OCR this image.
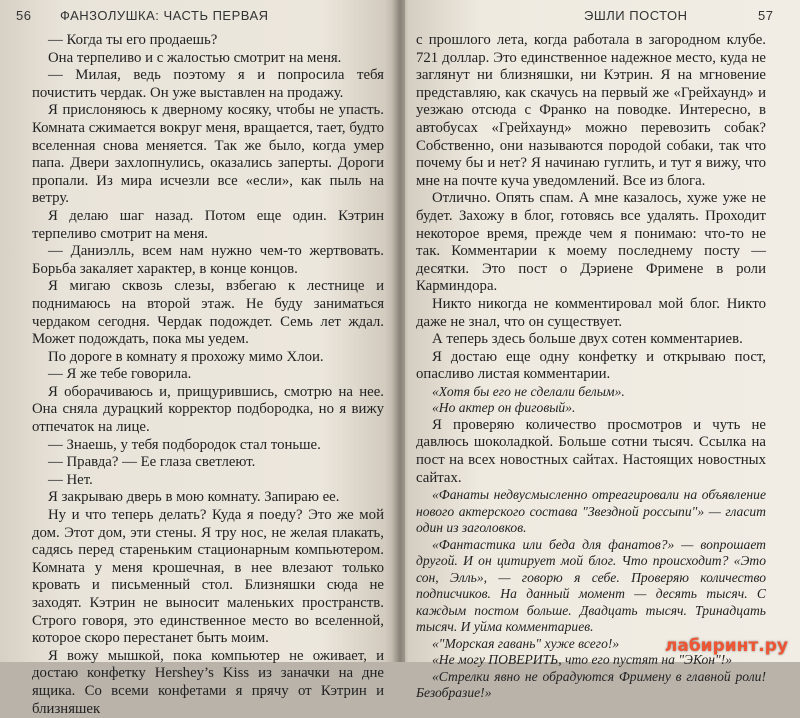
56 ФАНЗОЛУШКА: ЧАСТЬ ПЕРВАЯ

— Когда ты его продаешь?

Она терпеливо и с жалостью смотрит на меня.

— Милая, ведь поэтому я и попросила тебя почистить чердак. Он уже выставлен на продажу.

Я прислоняюсь к дверному косяку, чтобы не упасть. Комната сжимается вокруг меня, вращается, тает, будто вселенная снова меняется. Так же было, когда умер папа. Двери захлопнулись, оказались заперты. Дороги пропали. Из мира исчезли все «если», как пыль на ветру.

Я делаю шаг назад. Потом еще один. Кэтрин терпеливо смотрит на меня.

— Даниэлль, всем нам нужно чем-то жертвовать. Борьба закаляет характер, в конце концов.

Я мигаю сквозь слезы, взбегаю к лестнице и поднимаюсь на второй этаж. Не буду заниматься чердаком сегодня. Чердак подождет. Семь лет ждал. Может подождать, пока мы уедем.

По дороге в комнату я прохожу мимо Хлои.

— Я же тебе говорила.

Я оборачиваюсь и, прищурившись, смотрю на нее. Она сняла дурацкий корректор подбородка, но я вижу отпечаток на лице.

— Знаешь, у тебя подбородок стал тоньше.

— Правда? — Ее глаза светлеют.

— Нет.

Я закрываю дверь в мою комнату. Запираю ее.

Ну и что теперь делать? Куда я поеду? Это же мой дом. Этот дом, эти стены. Я тру нос, не желая плакать, садясь перед стареньким стационарным компьютером. Комната у меня крошечная, в нее влезают только кровать и письменный стол. Близняшки сюда не заходят. Кэтрин не выносит маленьких пространств. Строго говоря, это единственное место во вселенной, которое скоро перестанет быть моим.

Я вожу мышкой, пока компьютер не оживает, и достаю конфетку Hershey’s Kiss из заначки на дне ящика. Со всеми конфетами я прячу от Кэтрин и близняшек

ЭШЛИ ПОСТОН	57

с прошлого лета, когда работала в загородном клубе. 721 доллар. Это единственное надежное место, куда не заглянут ни близняшки, ни Кэтрин. Я на мгновение представляю, как скачусь на первый же «Грейхаунд» и уезжаю отсюда с Франко на поводке. Интересно, в автобусах «Грейхаунд» можно перевозить собак? Собственно, они называются породой собаки, так что почему бы и нет? Я начинаю гуглить, и тут я вижу, что мне на почте куча уведомлений. Все из блога.

Отлично. Опять спам. А мне казалось, хуже уже не будет. Захожу в блог, готовясь все удалять. Проходит некоторое время, прежде чем я понимаю: что-то не так. Комментарии к моему последнему посту — десятки. Это пост о Дэриене Фримене в роли Карминдора.

Никто никогда не комментировал мой блог. Никто даже не знал, что он существует.

А теперь здесь больше двух сотен комментариев.

Я достаю еще одну конфетку и открываю пост, опасливо листая комментарии.

«Хотя бы его не сделали белым».

«Но актер он фиговый».

Я проверяю количество просмотров и чуть не давлюсь шоколадкой. Больше сотни тысяч. Ссылка на пост на всех новостных сайтах. Настоящих новостных сайтах.

«Фанаты недвусмысленно отреагировали на объявление нового актерского состава "Звездной россыпи"» — гласит один из заголовков.

«Фантастика или беда для фанатов?» — вопрошает другой. И он цитирует мой блог. Что происходит? «Это сон, Элль», — говорю я себе. Проверяю количество подписчиков. На данный момент — десять тысяч. С каждым постом больше. Двадцать тысяч. Тринадцать тысяч. И уйма комментариев.

«"Морская гавань" хуже всего!»

«Не могу ПОВЕРИТЬ, что его пустят на "ЭКон"!»

«Стрелки явно не обрадуются Фримену в главной роли! Безобразие!»

лабиринт.ру
